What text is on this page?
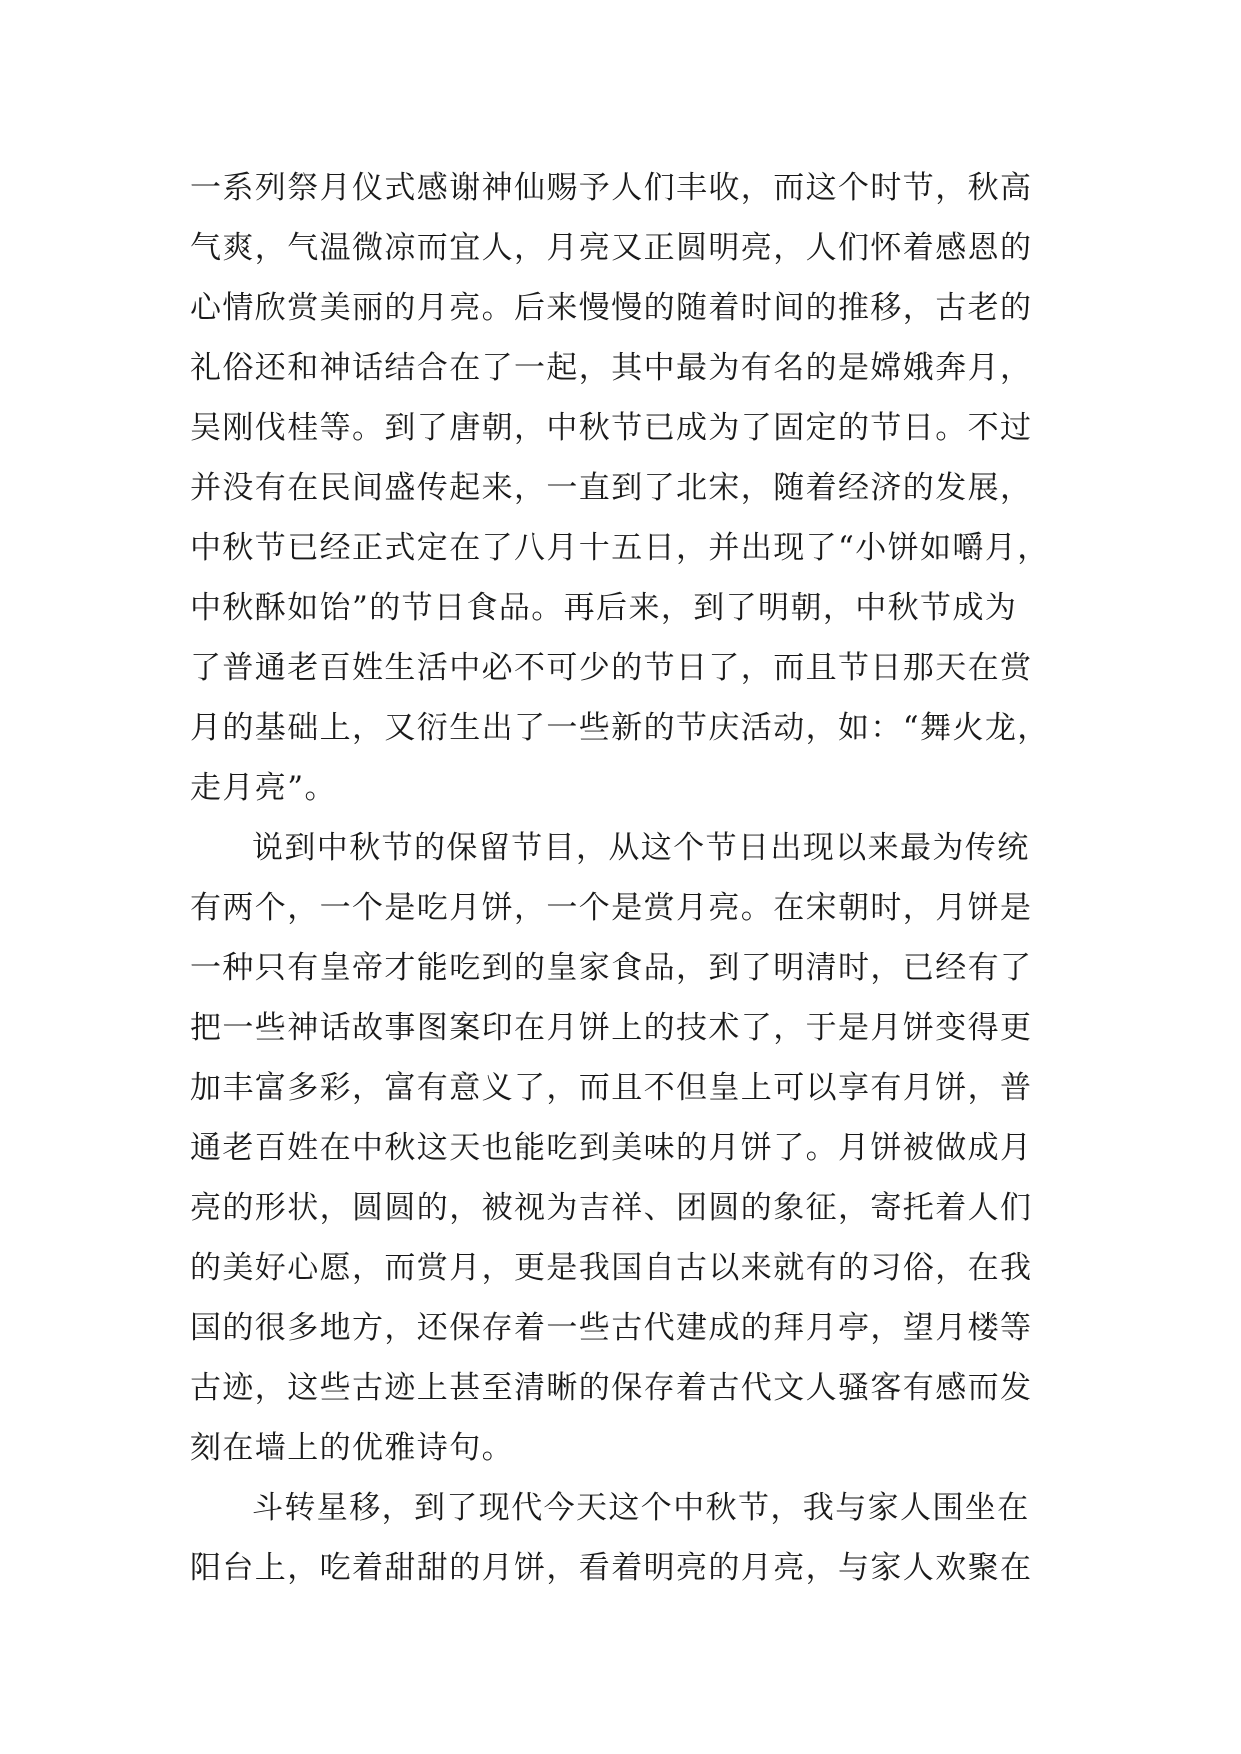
一系列祭月仪式感谢神仙赐予人们丰收，而这个时节，秋高
气爽，气温微凉而宜人，月亮又正圆明亮，人们怀着感恩的
心情欣赏美丽的月亮。后来慢慢的随着时间的推移，古老的
礼俗还和神话结合在了一起，其中最为有名的是嫦娥奔月，
吴刚伐桂等。到了唐朝，中秋节已成为了固定的节日。不过
并没有在民间盛传起来，一直到了北宋，随着经济的发展，
中秋节已经正式定在了八月十五日，并出现了“小饼如嚼月，
中秋酥如饴”的节日食品。再后来，到了明朝，中秋节成为
了普通老百姓生活中必不可少的节日了，而且节日那天在赏
月的基础上，又衍生出了一些新的节庆活动，如：“舞火龙，
走月亮”。
说到中秋节的保留节目，从这个节日出现以来最为传统
有两个，一个是吃月饼，一个是赏月亮。在宋朝时，月饼是
一种只有皇帝才能吃到的皇家食品，到了明清时，已经有了
把一些神话故事图案印在月饼上的技术了，于是月饼变得更
加丰富多彩，富有意义了，而且不但皇上可以享有月饼，普
通老百姓在中秋这天也能吃到美味的月饼了。月饼被做成月
亮的形状，圆圆的，被视为吉祥、团圆的象征，寄托着人们
的美好心愿，而赏月，更是我国自古以来就有的习俗，在我
国的很多地方，还保存着一些古代建成的拜月亭，望月楼等
古迹，这些古迹上甚至清晰的保存着古代文人骚客有感而发
刻在墙上的优雅诗句。
斗转星移，到了现代今天这个中秋节，我与家人围坐在
阳台上，吃着甜甜的月饼，看着明亮的月亮，与家人欢聚在
